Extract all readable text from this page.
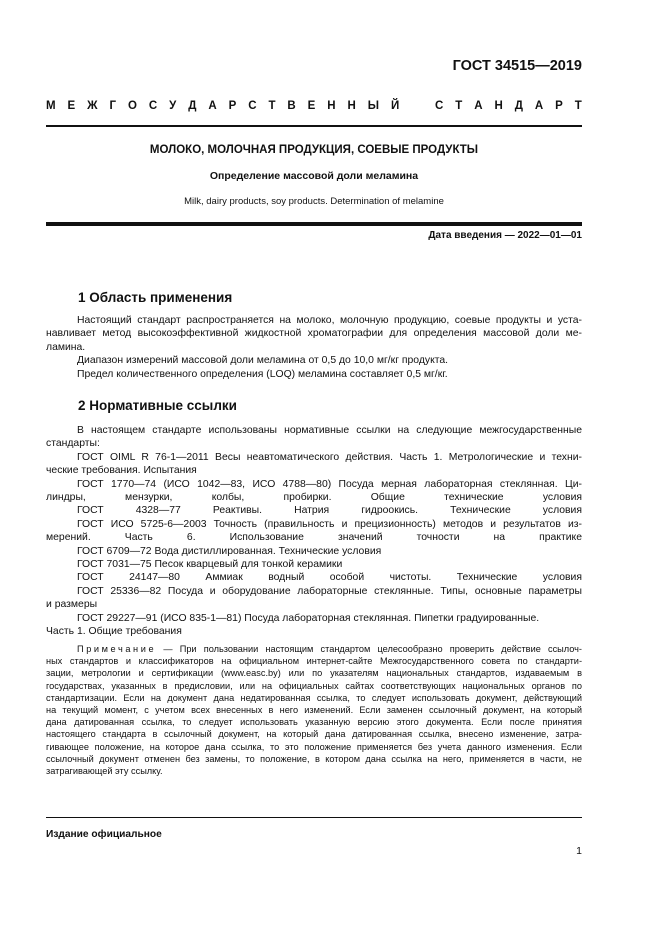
ГОСТ 34515—2019
М Е Ж Г О С У Д А Р С Т В Е Н Н Ы Й	С Т А Н Д А Р Т
МОЛОКО, МОЛОЧНАЯ ПРОДУКЦИЯ, СОЕВЫЕ ПРОДУКТЫ
Определение массовой доли меламина
Milk, dairy products, soy products. Determination of melamine
Дата введения — 2022—01—01
1 Область применения
Настоящий стандарт распространяется на молоко, молочную продукцию, соевые продукты и уста-
навливает метод высокоэффективной жидкостной хроматографии для определения массовой доли ме-
ламина.
Диапазон измерений массовой доли меламина от 0,5 до 10,0 мг/кг продукта.
Предел количественного определения (LOQ) меламина составляет 0,5 мг/кг.
2 Нормативные ссылки
В настоящем стандарте использованы нормативные ссылки на следующие межгосударственные
стандарты:
ГОСТ OIML R 76-1—2011 Весы неавтоматического действия. Часть 1. Метрологические и техни-
ческие требования. Испытания
ГОСТ 1770—74 (ИСО 1042—83, ИСО 4788—80) Посуда мерная лабораторная стеклянная. Ци-
линдры, мензурки, колбы, пробирки. Общие технические условия
ГОСТ 4328—77 Реактивы. Натрия гидроокись. Технические условия
ГОСТ ИСО 5725-6—2003 Точность (правильность и прецизионность) методов и результатов из-
мерений. Часть 6. Использование значений точности на практике
ГОСТ 6709—72 Вода дистиллированная. Технические условия
ГОСТ 7031—75 Песок кварцевый для тонкой керамики
ГОСТ 24147—80 Аммиак водный особой чистоты. Технические условия
ГОСТ 25336—82 Посуда и оборудование лабораторные стеклянные. Типы, основные параметры
и размеры
ГОСТ 29227—91 (ИСО 835-1—81) Посуда лабораторная стеклянная. Пипетки градуированные.
Часть 1. Общие требования
Примечание — При пользовании настоящим стандартом целесообразно проверить действие ссылоч-
ных стандартов и классификаторов на официальном интернет-сайте Межгосударственного совета по стандарти-
зации, метрологии и сертификации (www.easc.by) или по указателям национальных стандартов, издаваемым в
государствах, указанных в предисловии, или на официальных сайтах соответствующих национальных органов по
стандартизации. Если на документ дана недатированная ссылка, то следует использовать документ, действующий
на текущий момент, с учетом всех внесенных в него изменений. Если заменен ссылочный документ, на который
дана датированная ссылка, то следует использовать указанную версию этого документа. Если после принятия
настоящего стандарта в ссылочный документ, на который дана датированная ссылка, внесено изменение, затра-
гивающее положение, на которое дана ссылка, то это положение применяется без учета данного изменения. Если
ссылочный документ отменен без замены, то положение, в котором дана ссылка на него, применяется в части, не
затрагивающей эту ссылку.
Издание официальное
1
